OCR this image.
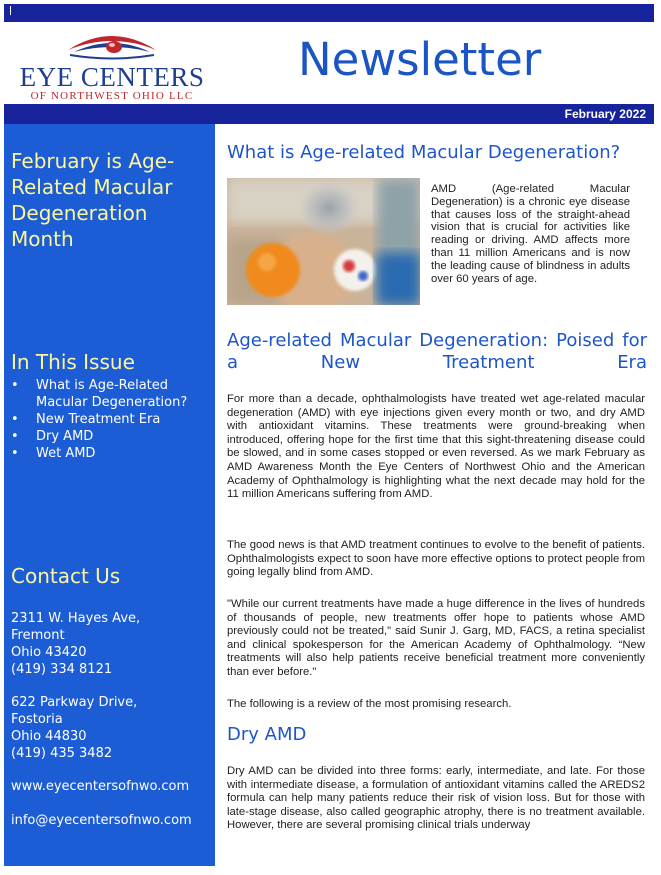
EYE CENTERS
OF NORTHWEST OHIO LLC
Newsletter
February 2022
February is Age-Related Macular Degeneration Month
In This Issue
• What is Age-Related Macular Degeneration?
• New Treatment Era
• Dry AMD
• Wet AMD
Contact Us
2311 W. Hayes Ave,
Fremont
Ohio 43420
(419) 334 8121
622 Parkway Drive,
Fostoria
Ohio 44830
(419) 435 3482
www.eyecentersofnwo.com
info@eyecentersofnwo.com
What is Age-related Macular Degeneration?
AMD (Age-related Macular Degeneration) is a chronic eye disease that causes loss of the straight-ahead vision that is crucial for activities like reading or driving. AMD affects more than 11 million Americans and is now the leading cause of blindness in adults over 60 years of age.
Age-related Macular Degeneration: Poised for a New Treatment Era
For more than a decade, ophthalmologists have treated wet age-related macular degeneration (AMD) with eye injections given every month or two, and dry AMD with antioxidant vitamins. These treatments were ground-breaking when introduced, offering hope for the first time that this sight-threatening disease could be slowed, and in some cases stopped or even reversed. As we mark February as AMD Awareness Month the Eye Centers of Northwest Ohio and the American Academy of Ophthalmology is highlighting what the next decade may hold for the 11 million Americans suffering from AMD.
The good news is that AMD treatment continues to evolve to the benefit of patients. Ophthalmologists expect to soon have more effective options to protect people from going legally blind from AMD.
"While our current treatments have made a huge difference in the lives of hundreds of thousands of people, new treatments offer hope to patients whose AMD previously could not be treated," said Sunir J. Garg, MD, FACS, a retina specialist and clinical spokesperson for the American Academy of Ophthalmology. “New treatments will also help patients receive beneficial treatment more conveniently than ever before."
The following is a review of the most promising research.
Dry AMD
Dry AMD can be divided into three forms: early, intermediate, and late. For those with intermediate disease, a formulation of antioxidant vitamins called the AREDS2 formula can help many patients reduce their risk of vision loss. But for those with late-stage disease, also called geographic atrophy, there is no treatment available. However, there are several promising clinical trials underway
